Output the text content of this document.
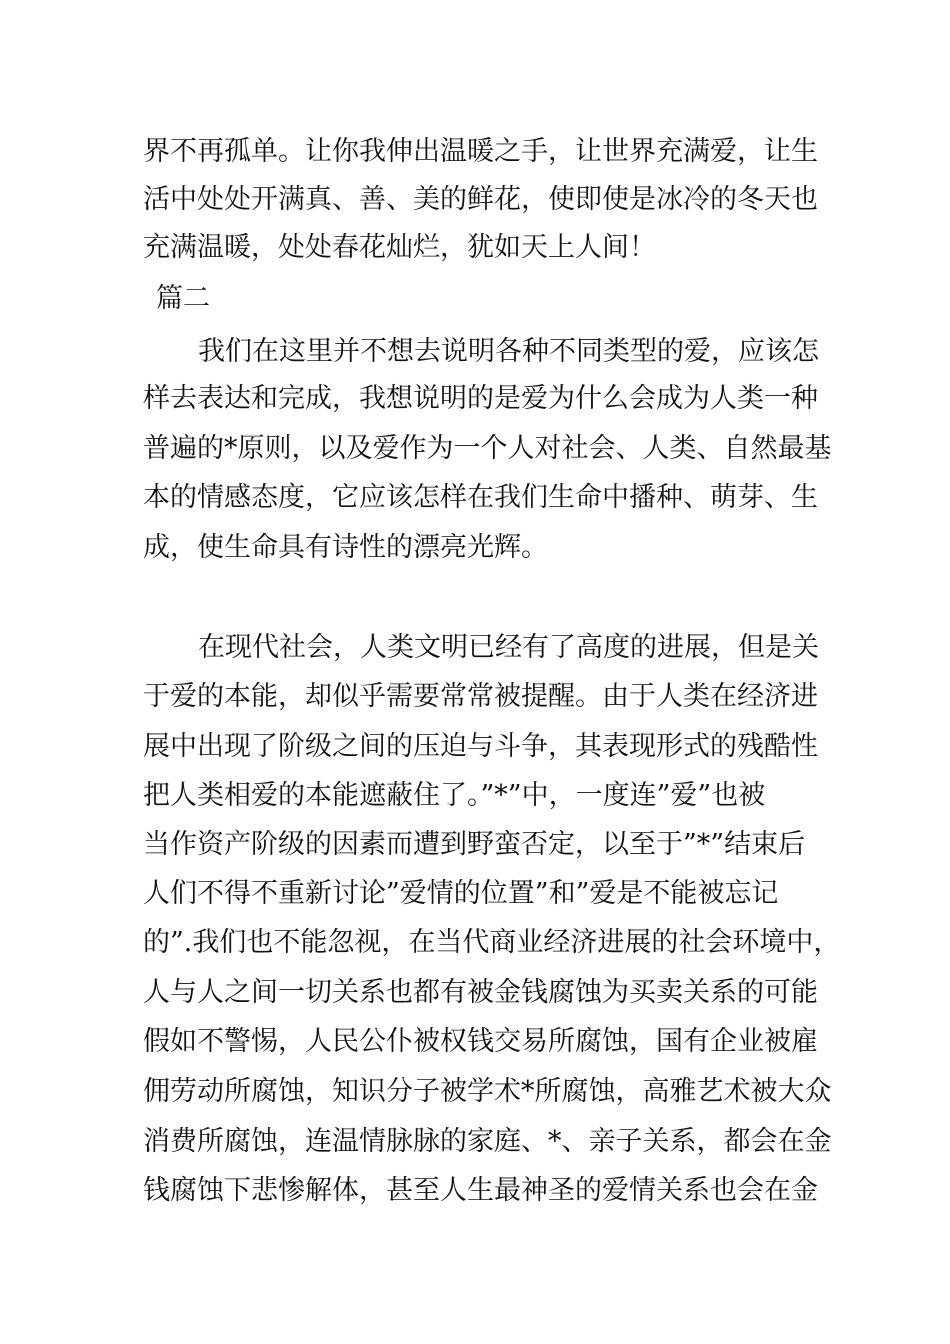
界不再孤单。让你我伸出温暖之手，让世界充满爱，让生
活中处处开满真、善、美的鲜花，使即使是冰冷的冬天也
充满温暖，处处春花灿烂，犹如天上人间！
篇二
我们在这里并不想去说明各种不同类型的爱，应该怎
样去表达和完成，我想说明的是爱为什么会成为人类一种
普遍的*原则，以及爱作为一个人对社会、人类、自然最基
本的情感态度，它应该怎样在我们生命中播种、萌芽、生
成，使生命具有诗性的漂亮光辉。
在现代社会，人类文明已经有了高度的进展，但是关
于爱的本能，却似乎需要常常被提醒。由于人类在经济进
展中出现了阶级之间的压迫与斗争，其表现形式的残酷性
把人类相爱的本能遮蔽住了。”*”中，一度连”爱”也被
当作资产阶级的因素而遭到野蛮否定，以至于”*”结束后
人们不得不重新讨论”爱情的位置”和”爱是不能被忘记
的”.我们也不能忽视，在当代商业经济进展的社会环境中，
人与人之间一切关系也都有被金钱腐蚀为买卖关系的可能
假如不警惕，人民公仆被权钱交易所腐蚀，国有企业被雇
佣劳动所腐蚀，知识分子被学术*所腐蚀，高雅艺术被大众
消费所腐蚀，连温情脉脉的家庭、*、亲子关系，都会在金
钱腐蚀下悲惨解体，甚至人生最神圣的爱情关系也会在金
